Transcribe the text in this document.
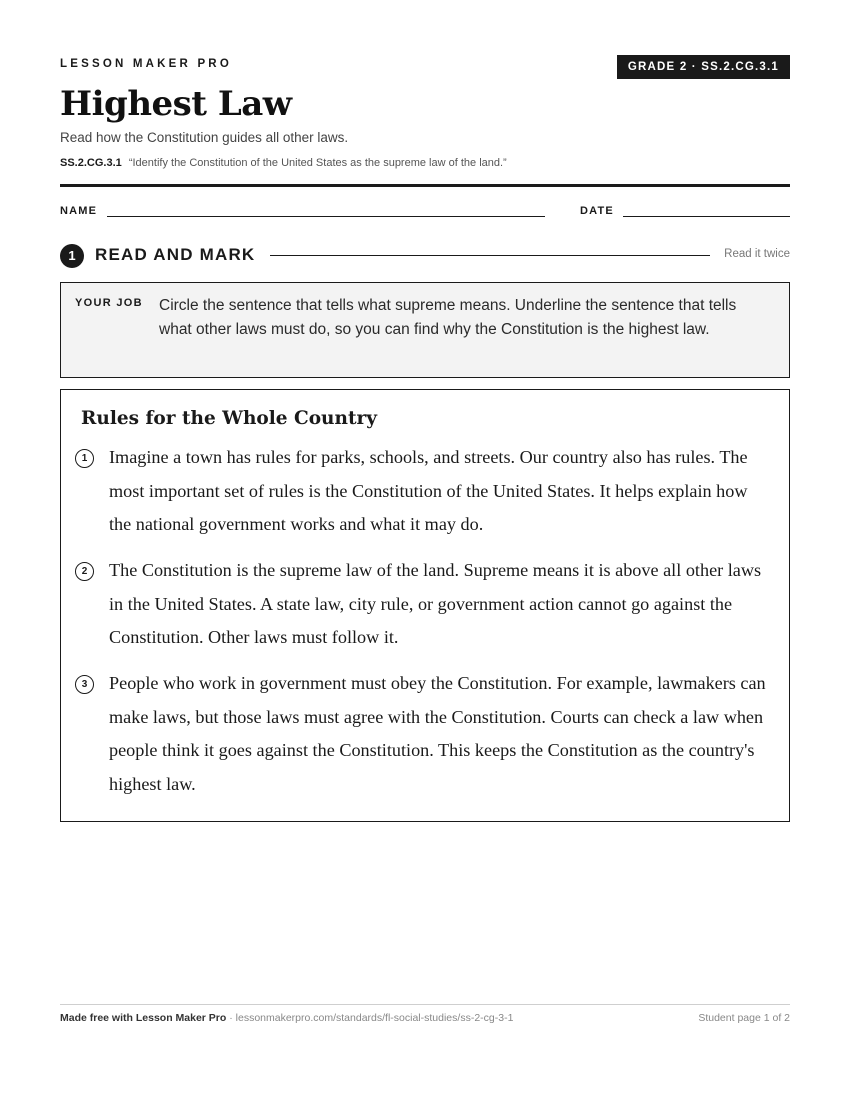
LESSON MAKER PRO	GRADE 2 · SS.2.CG.3.1
Highest Law
Read how the Constitution guides all other laws.
SS.2.CG.3.1 “Identify the Constitution of the United States as the supreme law of the land.”
NAME	DATE
1	READ AND MARK	Read it twice
YOUR JOB Circle the sentence that tells what supreme means. Underline the sentence that tells what other laws must do, so you can find why the Constitution is the highest law.
Rules for the Whole Country
1	Imagine a town has rules for parks, schools, and streets. Our country also has rules. The most important set of rules is the Constitution of the United States. It helps explain how the national government works and what it may do.
2	The Constitution is the supreme law of the land. Supreme means it is above all other laws in the United States. A state law, city rule, or government action cannot go against the Constitution. Other laws must follow it.
3	People who work in government must obey the Constitution. For example, lawmakers can make laws, but those laws must agree with the Constitution. Courts can check a law when people think it goes against the Constitution. This keeps the Constitution as the country's highest law.
Made free with Lesson Maker Pro · lessonmakerpro.com/standards/fl-social-studies/ss-2-cg-3-1	Student page 1 of 2
